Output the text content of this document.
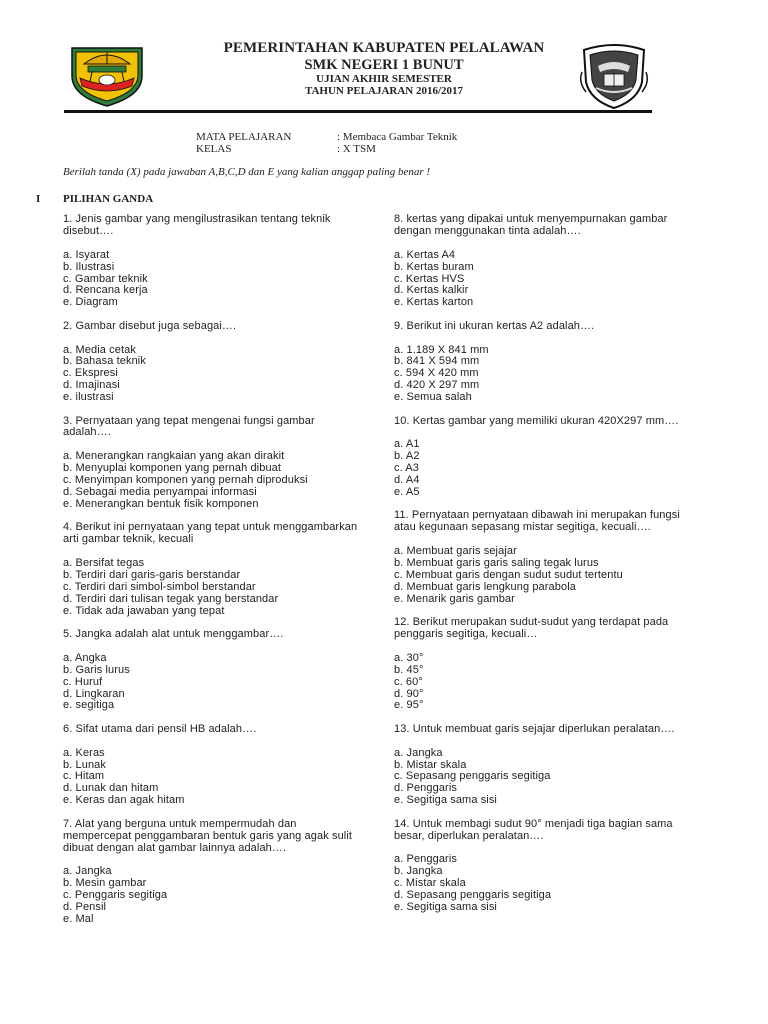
PEMERINTAHAN KABUPATEN PELALAWAN
SMK NEGERI 1 BUNUT
UJIAN AKHIR SEMESTER
TAHUN PELAJARAN 2016/2017
MATA PELAJARAN	: Membaca Gambar Teknik
KELAS	: X TSM
Berilah tanda (X) pada jawaban A,B,C,D dan E yang kalian anggap paling benar !
I PILIHAN GANDA

1. Jenis gambar yang mengilustrasikan tentang teknik disebut….

a. Isyarat
b. Ilustrasi
c. Gambar teknik
d. Rencana kerja
e. Diagram

2. Gambar disebut juga sebagai….

a. Media cetak
b. Bahasa teknik
c. Ekspresi
d. Imajinasi
e. ilustrasi

3. Pernyataan yang tepat mengenai fungsi gambar adalah….

a. Menerangkan rangkaian yang akan dirakit
b. Menyuplai komponen yang pernah dibuat
c. Menyimpan komponen yang pernah diproduksi
d. Sebagai media penyampai informasi
e. Menerangkan bentuk fisik komponen

4. Berikut ini pernyataan yang tepat untuk menggambarkan arti gambar teknik, kecuali

a. Bersifat tegas
b. Terdiri dari garis-garis berstandar
c. Terdiri dari simbol-simbol berstandar
d. Terdiri dari tulisan tegak yang berstandar
e. Tidak ada jawaban yang tepat

5. Jangka adalah alat untuk menggambar….

a. Angka
b. Garis lurus
c. Huruf
d. Lingkaran
e. segitiga

6. Sifat utama dari pensil HB adalah….

a. Keras
b. Lunak
c. Hitam
d. Lunak dan hitam
e. Keras dan agak hitam

7. Alat yang berguna untuk mempermudah dan mempercepat penggambaran bentuk garis yang agak sulit dibuat dengan alat gambar lainnya adalah….

a. Jangka
b. Mesin gambar
c. Penggaris segitiga
d. Pensil
e. Mal

8. kertas yang dipakai untuk menyempurnakan gambar dengan menggunakan tinta adalah….

a. Kertas A4
b. Kertas buram
c. Kertas HVS
d. Kertas kalkir
e. Kertas karton

9. Berikut ini ukuran kertas A2 adalah….

a. 1.189 X 841 mm
b. 841 X 594 mm
c. 594 X 420 mm
d. 420 X 297 mm
e. Semua salah

10. Kertas gambar yang memiliki ukuran 420X297 mm….

a. A1
b. A2
c. A3
d. A4
e. A5

11. Pernyataan pernyataan dibawah ini merupakan fungsi atau kegunaan sepasang mistar segitiga, kecuali….

a. Membuat garis sejajar
b. Membuat garis garis saling tegak lurus
c. Membuat garis dengan sudut sudut tertentu
d. Membuat garis lengkung parabola
e. Menarik garis gambar

12. Berikut merupakan sudut-sudut yang terdapat pada penggaris segitiga, kecuali…

a. 30°
b. 45°
c. 60°
d. 90°
e. 95°

13. Untuk membuat garis sejajar diperlukan peralatan….

a. Jangka
b. Mistar skala
c. Sepasang penggaris segitiga
d. Penggaris
e. Segitiga sama sisi

14. Untuk membagi sudut 90° menjadi tiga bagian sama besar, diperlukan peralatan….

a. Penggaris
b. Jangka
c. Mistar skala
d. Sepasang penggaris segitiga
e. Segitiga sama sisi
